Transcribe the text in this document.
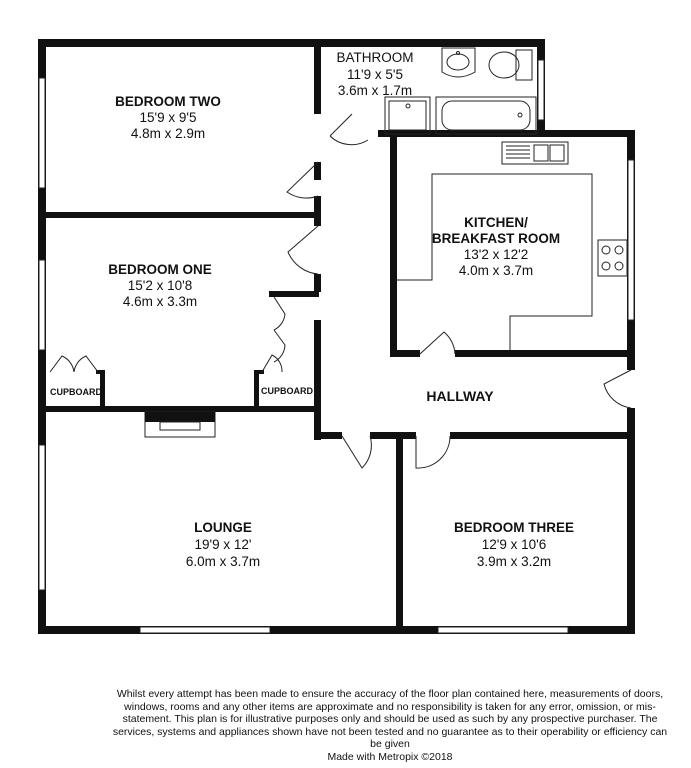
BEDROOM TWO
15'9 x 9'5
4.8m x 2.9m
BATHROOM
11'9 x 5'5
3.6m x 1.7m
KITCHEN/
BREAKFAST ROOM
13'2 x 12'2
4.0m x 3.7m
BEDROOM ONE
15'2 x 10'8
4.6m x 3.3m
CUPBOARD	CUPBOARD	HALLWAY
LOUNGE
19'9 x 12'
6.0m x 3.7m
BEDROOM THREE
12'9 x 10'6
3.9m x 3.2m

Whilst every attempt has been made to ensure the accuracy of the floor plan contained here, measurements of doors, windows, rooms and any other items are approximate and no responsibility is taken for any error, omission, or mis-statement. This plan is for illustrative purposes only and should be used as such by any prospective purchaser. The services, systems and appliances shown have not been tested and no guarantee as to their operability or efficiency can be given

Made with Metropix ©2018
